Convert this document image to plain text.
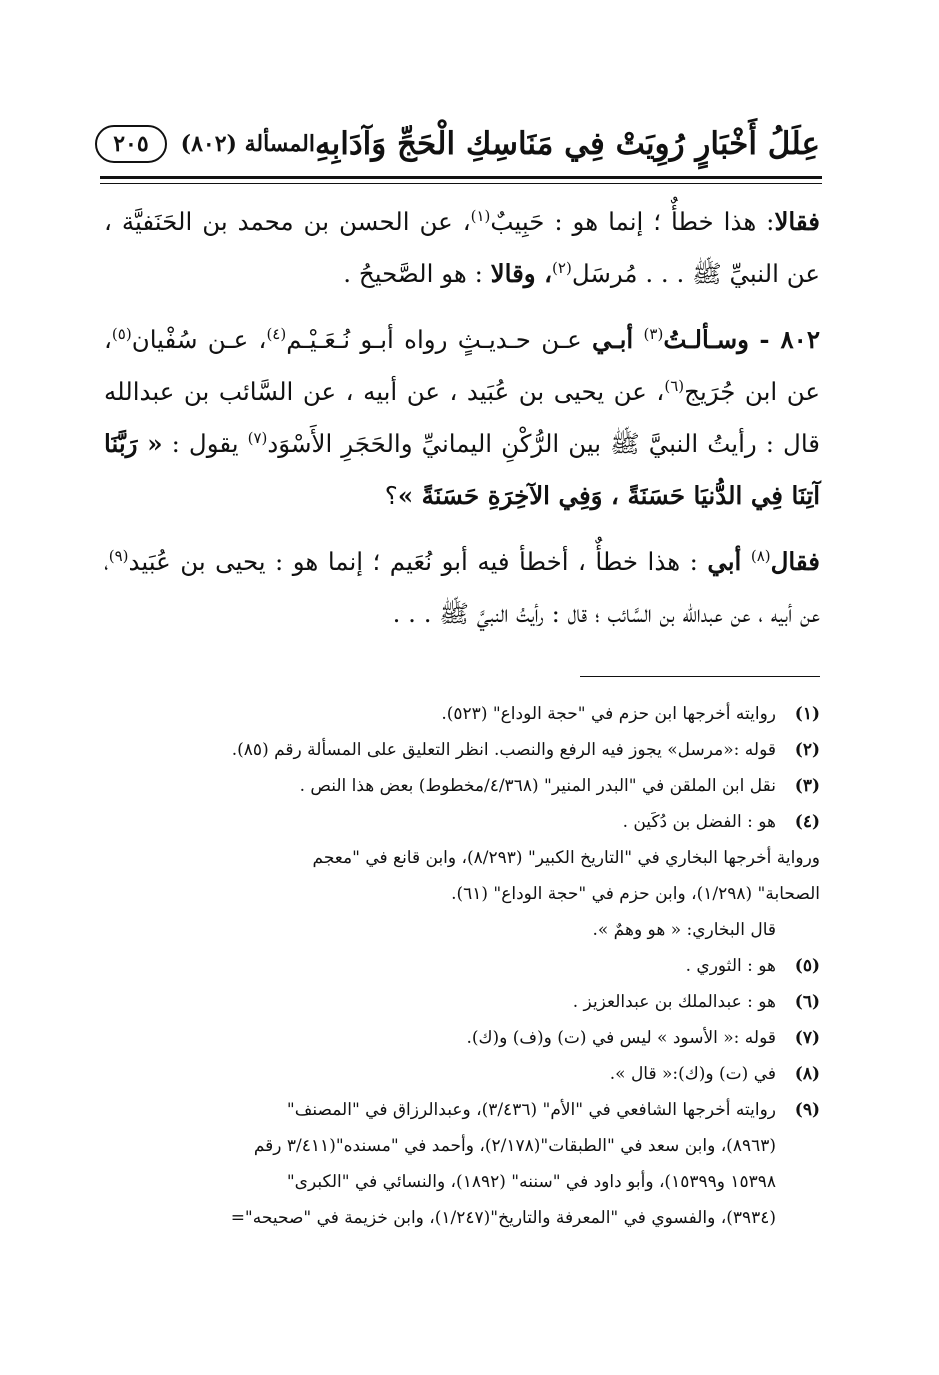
عِلَلُ أَخْبَارٍ رُوِيَتْ فِي مَنَاسِكِ الْحَجِّ وَآدَابِهِ
المسألة (٨٠٢)
٢٠٥

فقالا: هذا خطأٌ ؛ إنما هو : حَبِيبٌ$^{(١)}$، عن الحسن بن محمد بن الحَنَفيَّة ، عن النبيِّ ﷺ . . . مُرسَل$^{(٢)}$، وقالا : هو الصَّحيحُ .

٨٠٢ - وسـألـتُ$^{(٣)}$ أبـي عـن حـديـثٍ رواه أبـو نُـعَـيْـم$^{(٤)}$، عـن سُفْيان$^{(٥)}$، عن ابن جُرَيج$^{(٦)}$، عن يحيى بن عُبَيد ، عن أبيه ، عن السَّائب بن عبدالله قال : رأيتُ النبيَّ ﷺ بين الرُّكْنِ اليمانيِّ والحَجَرِ الأَسْوَد$^{(٧)}$ يقول : « رَبَّنَا آتِنَا فِي الدُّنيَا حَسَنَةً ، وَفِي الآخِرَةِ حَسَنَةً »؟

فقال$^{(٨)}$ أبي : هذا خطأٌ ، أخطأ فيه أبو نُعَيم ؛ إنما هو : يحيى بن عُبَيد$^{(٩)}$، عن أبيه ، عن عبدالله بن السَّائب ؛ قال : رأيتُ النبيَّ ﷺ . . .

(١)
روايته أخرجها ابن حزم في "حجة الوداع" (٥٢٣).
(٢)
قوله :«مرسل» يجوز فيه الرفع والنصب. انظر التعليق على المسألة رقم (٨٥).
(٣)
نقل ابن الملقن في "البدر المنير" (٤/٣٦٨/مخطوط) بعض هذا النص .
(٤)
هو : الفضل بن دُكَين .
ورواية أخرجها البخاري في "التاريخ الكبير" (٨/٢٩٣)، وابن قانع في "معجم
الصحابة" (١/٢٩٨)، وابن حزم في "حجة الوداع" (٦١).
قال البخاري: « هو وهمٌ ».
(٥)
هو : الثوري .
(٦)
هو : عبدالملك بن عبدالعزيز .
(٧)
قوله :« الأسود » ليس في (ت) و(ف) و(ك).
(٨)
في (ت) و(ك):« قال ».
(٩)
روايته أخرجها الشافعي في "الأم" (٣/٤٣٦)، وعبدالرزاق في "المصنف"
(٨٩٦٣)، وابن سعد في "الطبقات"(٢/١٧٨)، وأحمد في "مسنده"(٣/٤١١ رقم
١٥٣٩٨ و١٥٣٩٩)، وأبو داود في "سننه" (١٨٩٢)، والنسائي في "الكبرى"
(٣٩٣٤)، والفسوي في "المعرفة والتاريخ"(١/٢٤٧)، وابن خزيمة في "صحيحه"=
